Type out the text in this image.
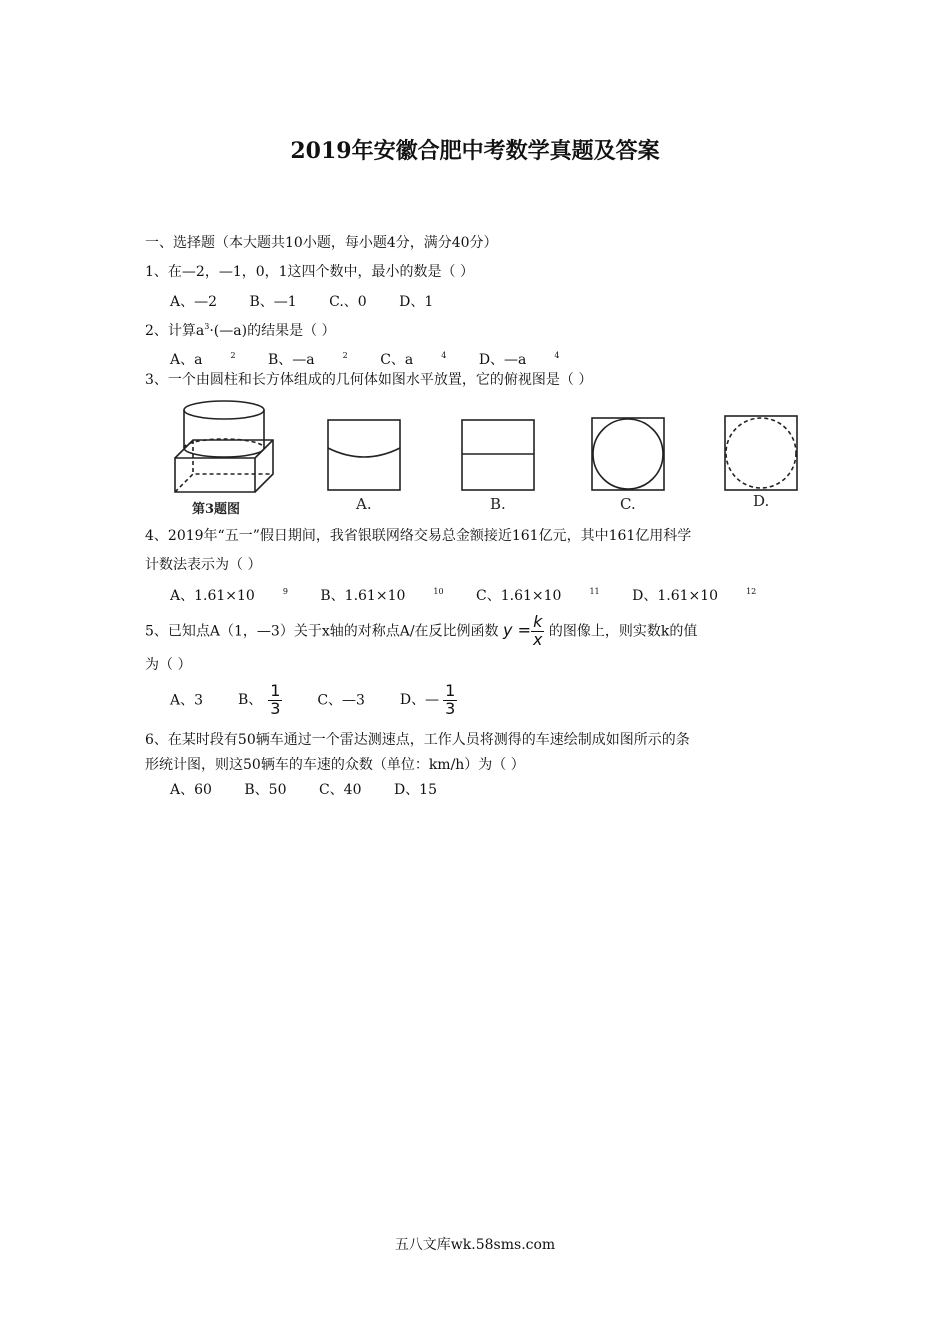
2019年安徽合肥中考数学真题及答案
一、选择题（本大题共10小题，每小题4分，满分40分）
1、在—2，—1，0，1这四个数中，最小的数是（ ）
A、—2 B、—1 C.、0 D、1
2、计算$a^3\cdot(—a)$的结果是（ ）
A、a	$^2$ B、—a	$^2$ C、a	$^4$ D、—a	$^4$
3、一个由圆柱和长方体组成的几何体如图水平放置，它的俯视图是（ ）
第3题图	A.	B.	C.	D.
4、2019年“五一”假日期间，我省银联网络交易总金额接近161亿元，其中161亿用科学
计数法表示为（ ）
A、1.61×10	$^9$ B、1.61×10	$^{10}$ C、1.61×10	$^{11}$ D、1.61×10	$^{12}$
5、已知点A（1，—3）关于x轴的对称点A/在反比例函数 $y = \frac{k}{x}$ 的图像上，则实数k的值
为（ ）
A、3 B、 $\frac{1}{3}$ C、—3 D、— $\frac{1}{3}$
6、在某时段有50辆车通过一个雷达测速点，工作人员将测得的车速绘制成如图所示的条
形统计图，则这50辆车的车速的众数（单位：km/h）为（ ）
A、60 B、50 C、40 D、15
五八文库wk.58sms.com
